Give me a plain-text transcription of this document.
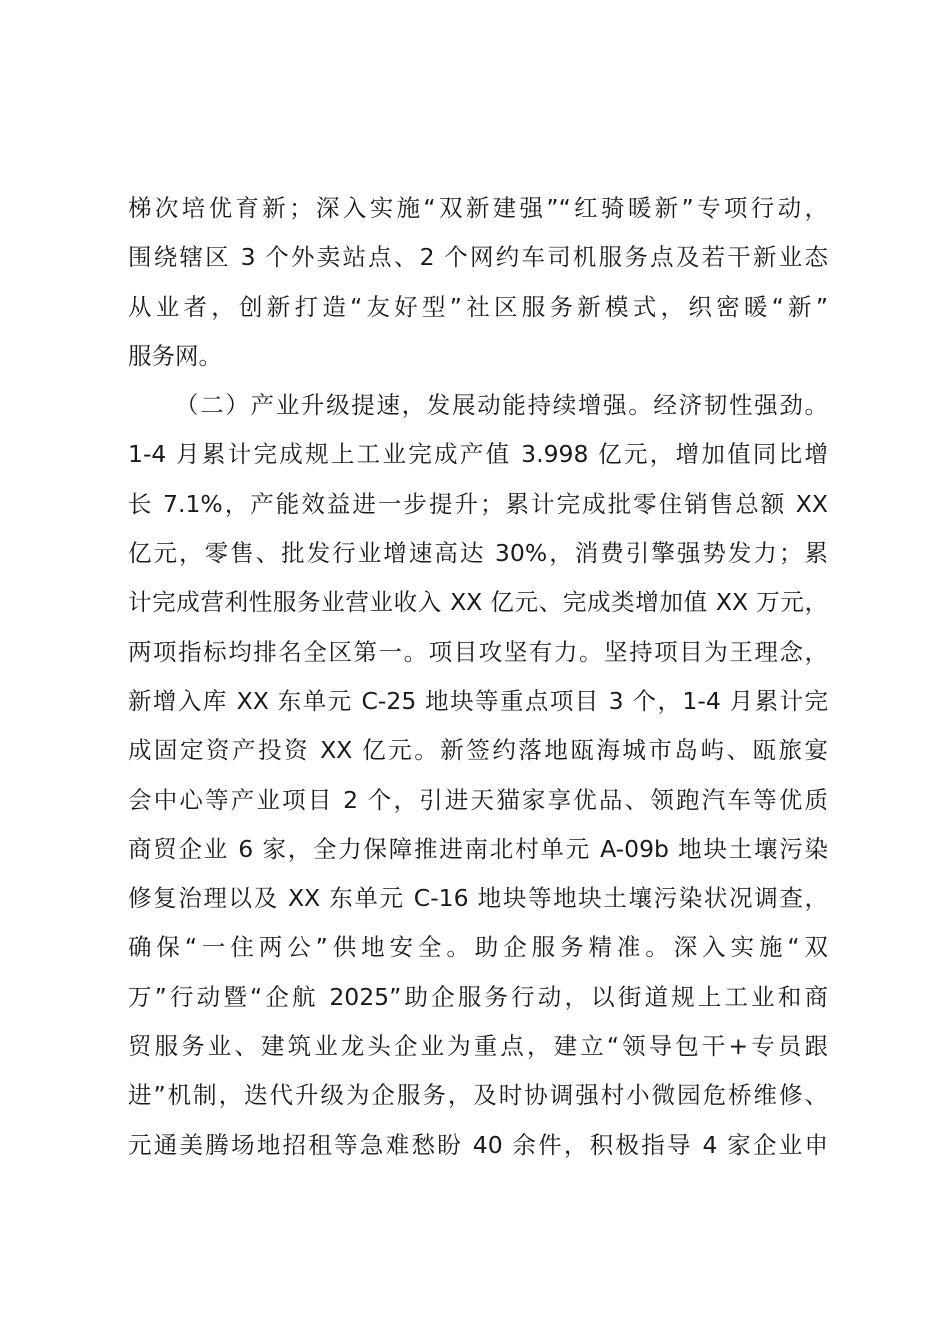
梯次培优育新；深入实施“双新建强”“红骑暖新”专项行动，

围绕辖区 3 个外卖站点、2 个网约车司机服务点及若干新业态

从业者，创新打造“友好型”社区服务新模式，织密暖“新”

服务网。

（二）产业升级提速，发展动能持续增强。经济韧性强劲。

1-4 月累计完成规上工业完成产值 3.998 亿元，增加值同比增

长 7.1%，产能效益进一步提升；累计完成批零住销售总额 XX

亿元，零售、批发行业增速高达 30%，消费引擎强势发力；累

计完成营利性服务业营业收入 XX 亿元、完成类增加值 XX 万元，

两项指标均排名全区第一。项目攻坚有力。坚持项目为王理念，

新增入库 XX 东单元 C-25 地块等重点项目 3 个，1-4 月累计完

成固定资产投资 XX 亿元。新签约落地瓯海城市岛屿、瓯旅宴

会中心等产业项目 2 个，引进天猫家享优品、领跑汽车等优质

商贸企业 6 家，全力保障推进南北村单元 A-09b 地块土壤污染

修复治理以及 XX 东单元 C-16 地块等地块土壤污染状况调查，

确保“一住两公”供地安全。助企服务精准。深入实施“双

万”行动暨“企航 2025”助企服务行动，以街道规上工业和商

贸服务业、建筑业龙头企业为重点，建立“领导包干+专员跟

进”机制，迭代升级为企服务，及时协调强村小微园危桥维修、

元通美腾场地招租等急难愁盼 40 余件，积极指导 4 家企业申
